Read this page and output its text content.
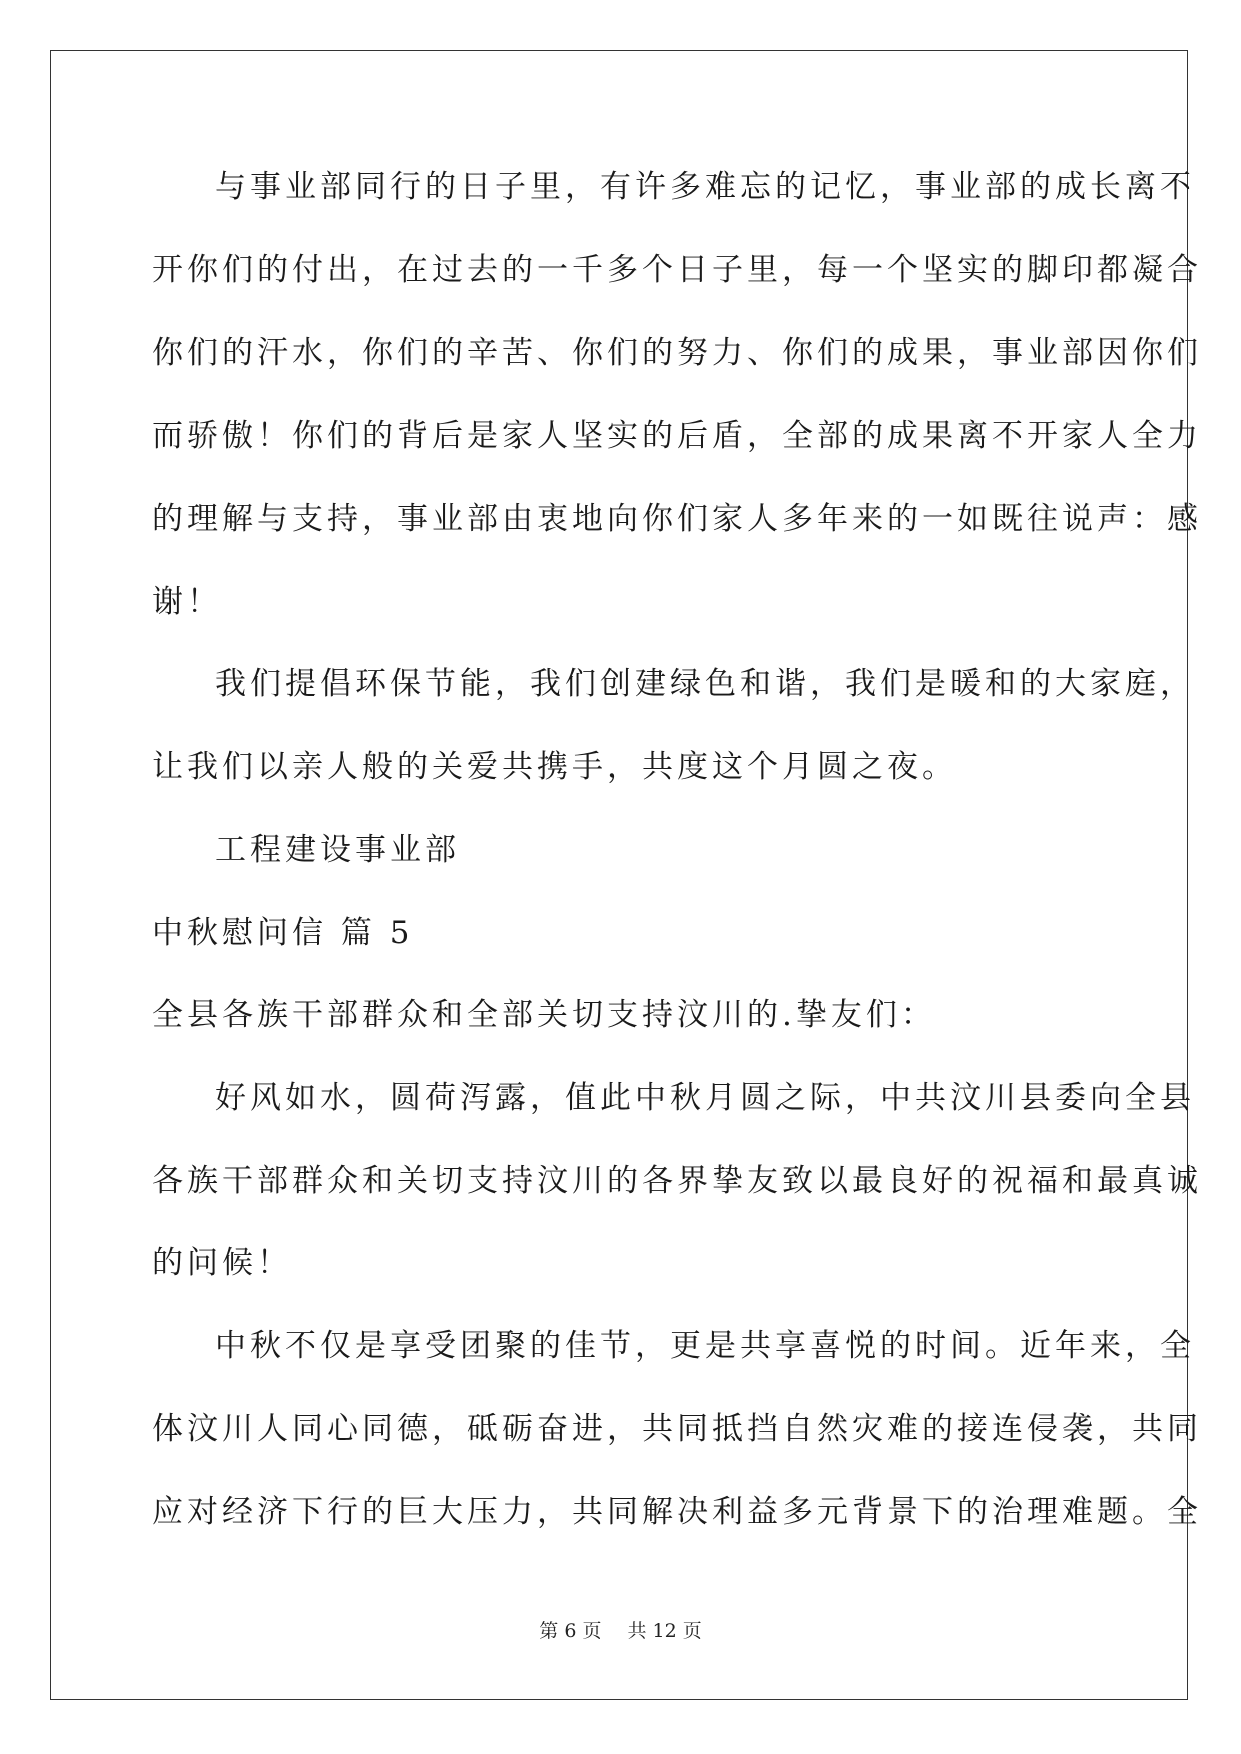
与事业部同行的日子里，有许多难忘的记忆，事业部的成长离不
开你们的付出，在过去的一千多个日子里，每一个坚实的脚印都凝合
你们的汗水，你们的辛苦、你们的努力、你们的成果，事业部因你们
而骄傲！你们的背后是家人坚实的后盾，全部的成果离不开家人全力
的理解与支持，事业部由衷地向你们家人多年来的一如既往说声：感
谢！
我们提倡环保节能，我们创建绿色和谐，我们是暖和的大家庭，
让我们以亲人般的关爱共携手，共度这个月圆之夜。
工程建设事业部
中秋慰问信 篇 5
全县各族干部群众和全部关切支持汶川的.挚友们：
好风如水，圆荷泻露，值此中秋月圆之际，中共汶川县委向全县
各族干部群众和关切支持汶川的各界挚友致以最良好的祝福和最真诚
的问候！
中秋不仅是享受团聚的佳节，更是共享喜悦的时间。近年来，全
体汶川人同心同德，砥砺奋进，共同抵挡自然灾难的接连侵袭，共同
应对经济下行的巨大压力，共同解决利益多元背景下的治理难题。全
第 6 页 共 12 页
